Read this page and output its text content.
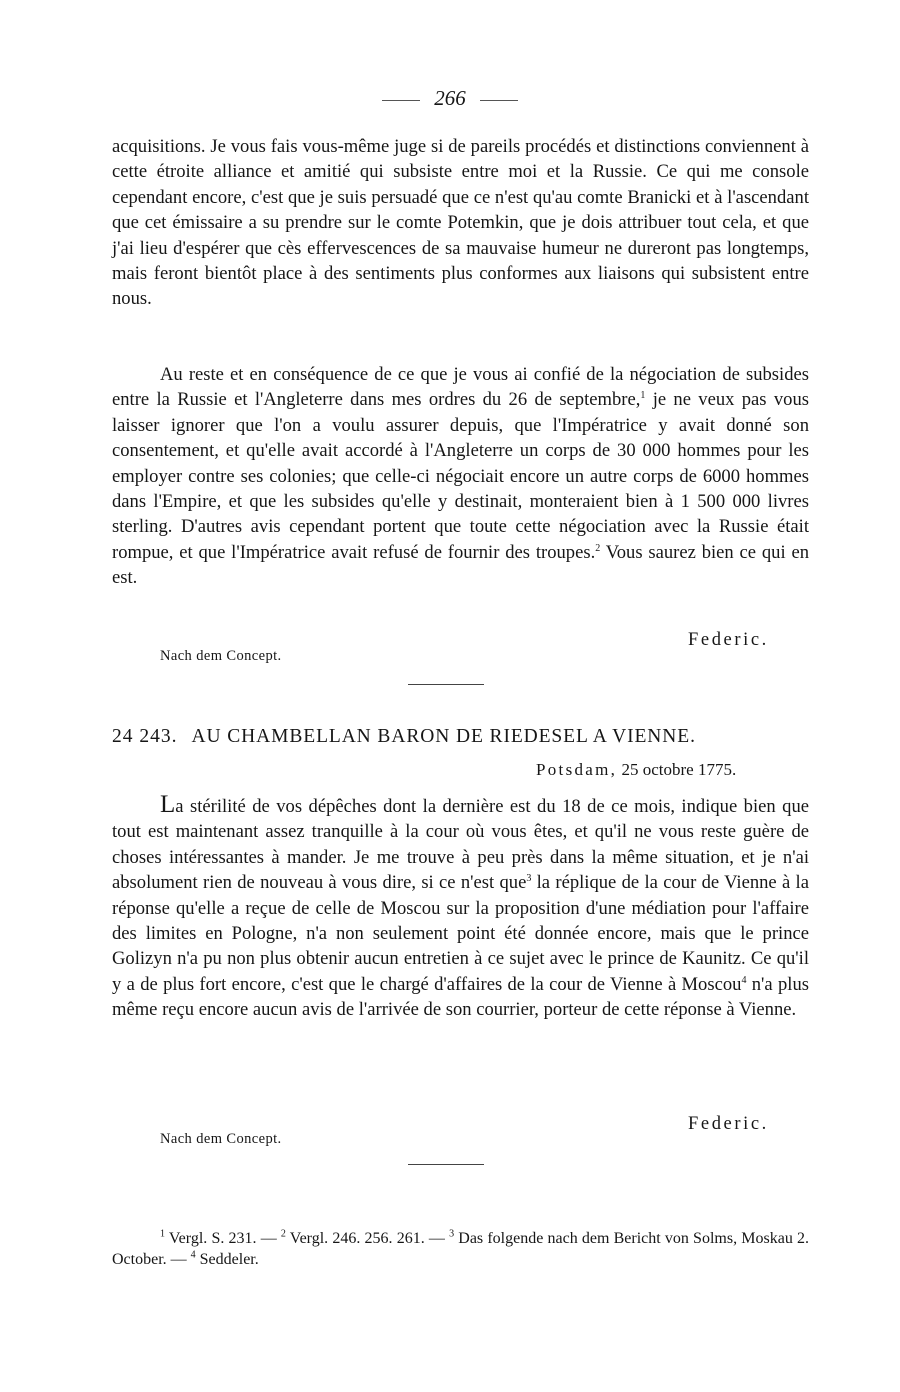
266
acquisitions. Je vous fais vous-même juge si de pareils procédés et distinctions conviennent à cette étroite alliance et amitié qui subsiste entre moi et la Russie. Ce qui me console cependant encore, c'est que je suis persuadé que ce n'est qu'au comte Branicki et à l'ascendant que cet émissaire a su prendre sur le comte Potemkin, que je dois attribuer tout cela, et que j'ai lieu d'espérer que cès effervescences de sa mauvaise humeur ne dureront pas longtemps, mais feront bientôt place à des sentiments plus conformes aux liaisons qui subsistent entre nous.
Au reste et en conséquence de ce que je vous ai confié de la négociation de subsides entre la Russie et l'Angleterre dans mes ordres du 26 de septembre,$^1$ je ne veux pas vous laisser ignorer que l'on a voulu assurer depuis, que l'Impératrice y avait donné son consentement, et qu'elle avait accordé à l'Angleterre un corps de 30 000 hommes pour les employer contre ses colonies; que celle-ci négociait encore un autre corps de 6000 hommes dans l'Empire, et que les subsides qu'elle y destinait, monteraient bien à 1 500 000 livres sterling. D'autres avis cependant portent que toute cette négociation avec la Russie était rompue, et que l'Impératrice avait refusé de fournir des troupes.$^2$ Vous saurez bien ce qui en est.
Federic.
Nach dem Concept.
24 243. AU CHAMBELLAN BARON DE RIEDESEL A VIENNE.
Potsdam, 25 octobre 1775.
La stérilité de vos dépêches dont la dernière est du 18 de ce mois, indique bien que tout est maintenant assez tranquille à la cour où vous êtes, et qu'il ne vous reste guère de choses intéressantes à mander. Je me trouve à peu près dans la même situation, et je n'ai absolument rien de nouveau à vous dire, si ce n'est que$^3$ la réplique de la cour de Vienne à la réponse qu'elle a reçue de celle de Moscou sur la proposition d'une médiation pour l'affaire des limites en Pologne, n'a non seulement point été donnée encore, mais que le prince Golizyn n'a pu non plus obtenir aucun entretien à ce sujet avec le prince de Kaunitz. Ce qu'il y a de plus fort encore, c'est que le chargé d'affaires de la cour de Vienne à Moscou$^4$ n'a plus même reçu encore aucun avis de l'arrivée de son courrier, porteur de cette réponse à Vienne.
Federic.
Nach dem Concept.
$^1$ Vergl. S. 231. — $^2$ Vergl. 246. 256. 261. — $^3$ Das folgende nach dem Bericht von Solms, Moskau 2. October. — $^4$ Seddeler.
